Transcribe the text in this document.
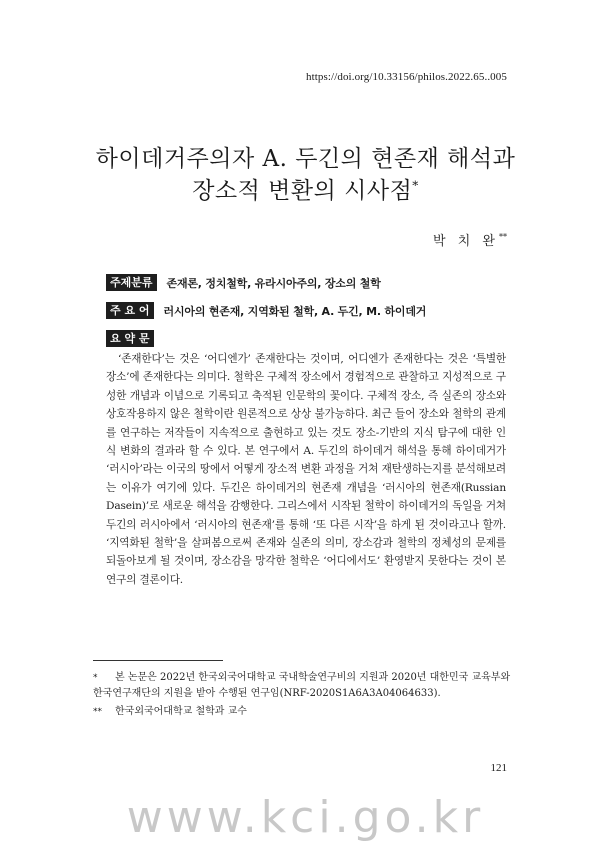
https://doi.org/10.33156/philos.2022.65..005
하이데거주의자 A. 두긴의 현존재 해석과
장소적 변환의 시사점*
박 치 완**
주제분류	존재론, 정치철학, 유라시아주의, 장소의 철학
주 요 어	러시아의 현존재, 지역화된 철학, A. 두긴, M. 하이데거
요 약 문

‘존재한다’는 것은 ‘어디엔가’ 존재한다는 것이며, 어디엔가 존재한다는 것은 ‘특별한 장소’에 존재한다는 의미다. 철학은 구체적 장소에서 경험적으로 관찰하고 지성적으로 구성한 개념과 이념으로 기록되고 축적된 인문학의 꽃이다. 구체적 장소, 즉 실존의 장소와 상호작용하지 않은 철학이란 원론적으로 상상 불가능하다. 최근 들어 장소와 철학의 관계를 연구하는 저작들이 지속적으로 출현하고 있는 것도 장소-기반의 지식 탐구에 대한 인식 변화의 결과라 할 수 있다. 본 연구에서 A. 두긴의 하이데거 해석을 통해 하이데거가 ‘러시아’라는 이국의 땅에서 어떻게 장소적 변환 과정을 거쳐 재탄생하는지를 분석해보려는 이유가 여기에 있다. 두긴은 하이데거의 현존재 개념을 ‘러시아의 현존재(Russian Dasein)’로 새로운 해석을 감행한다. 그리스에서 시작된 철학이 하이데거의 독일을 거쳐 두긴의 러시아에서 ‘러시아의 현존재’를 통해 ‘또 다른 시작’을 하게 된 것이라고나 할까. ‘지역화된 철학’을 살펴봄으로써 존재와 실존의 의미, 장소감과 철학의 정체성의 문제를 되돌아보게 될 것이며, 장소감을 망각한 철학은 ‘어디에서도’ 환영받지 못한다는 것이 본 연구의 결론이다.

* 본 논문은 2022년 한국외국어대학교 국내학술연구비의 지원과 2020년 대한민국 교육부와 한국연구재단의 지원을 받아 수행된 연구임(NRF-2020S1A6A3A04064633).

** 한국외국어대학교 철학과 교수

121
www.kci.go.kr
